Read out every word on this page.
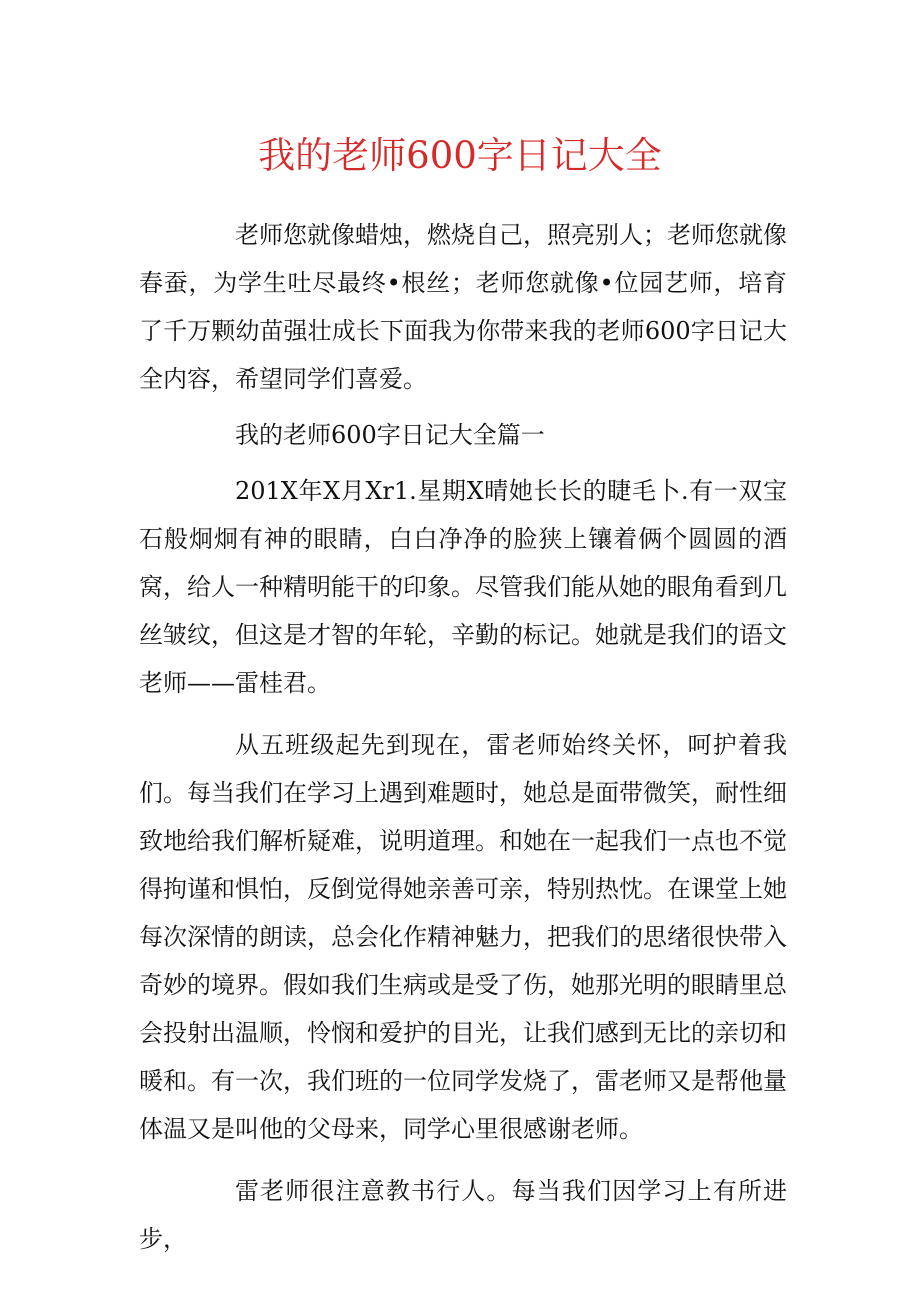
我的老师600字日记大全

老师您就像蜡烛，燃烧自己，照亮别人；老师您就像春蚕，为学生吐尽最终•根丝；老师您就像•位园艺师，培育了千万颗幼苗强壮成长下面我为你带来我的老师600字日记大全内容，希望同学们喜爱。

我的老师600字日记大全篇一

201X年X月Xr1.星期X晴她长长的睫毛卜.有一双宝石般炯炯有神的眼睛，白白净净的脸狭上镶着俩个圆圆的酒窝，给人一种精明能干的印象。尽管我们能从她的眼角看到几丝皱纹，但这是才智的年轮，辛勤的标记。她就是我们的语文老师——雷桂君。

从五班级起先到现在，雷老师始终关怀，呵护着我们。每当我们在学习上遇到难题时，她总是面带微笑，耐性细致地给我们解析疑难，说明道理。和她在一起我们一点也不觉得拘谨和惧怕，反倒觉得她亲善可亲，特别热忱。在课堂上她每次深情的朗读，总会化作精神魅力，把我们的思绪很快带入奇妙的境界。假如我们生病或是受了伤，她那光明的眼睛里总会投射出温顺，怜悯和爱护的目光，让我们感到无比的亲切和暖和。有一次，我们班的一位同学发烧了，雷老师又是帮他量体温又是叫他的父母来，同学心里很感谢老师。

雷老师很注意教书行人。每当我们因学习上有所进步，
